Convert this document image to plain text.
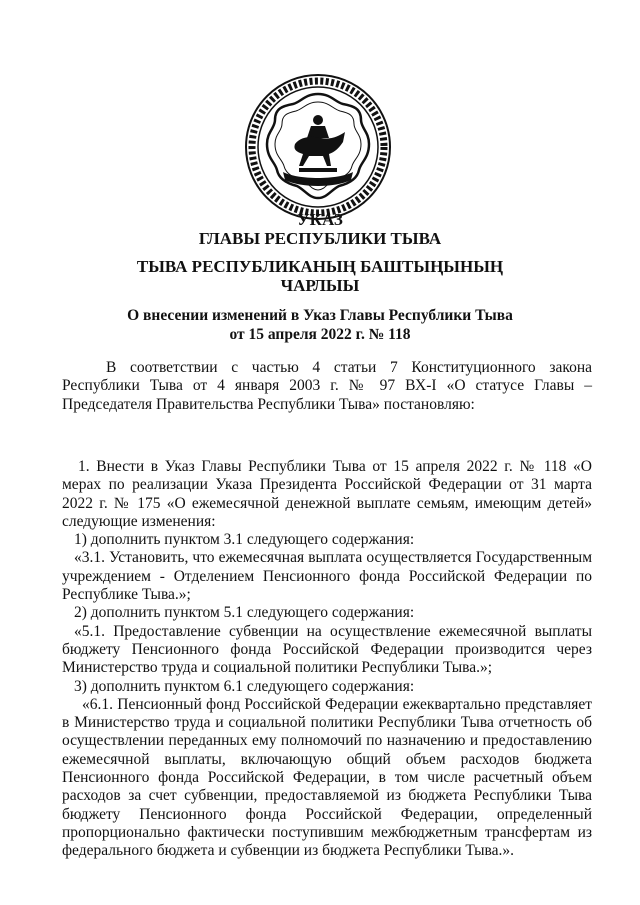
УКАЗ
ГЛАВЫ РЕСПУБЛИКИ ТЫВА
ТЫВА РЕСПУБЛИКАНЫҢ БАШТЫҢЫНЫҢ
ЧАРЛЫЫ
О внесении изменений в Указ Главы Республики Тыва
от 15 апреля 2022 г. № 118

В соответствии с частью 4 статьи 7 Конституционного закона Республики Тыва от 4 января 2003 г. № 97 ВХ-I «О статусе Главы – Председателя Правительства Республики Тыва» постановляю:

1. Внести в Указ Главы Республики Тыва от 15 апреля 2022 г. № 118 «О мерах по реализации Указа Президента Российской Федерации от 31 марта 2022 г. № 175 «О ежемесячной денежной выплате семьям, имеющим детей» следующие изменения:

1) дополнить пунктом 3.1 следующего содержания:

«3.1. Установить, что ежемесячная выплата осуществляется Государственным учреждением - Отделением Пенсионного фонда Российской Федерации по Республике Тыва.»;

2) дополнить пунктом 5.1 следующего содержания:

«5.1. Предоставление субвенции на осуществление ежемесячной выплаты бюджету Пенсионного фонда Российской Федерации производится через Министерство труда и социальной политики Республики Тыва.»;

3) дополнить пунктом 6.1 следующего содержания:

«6.1. Пенсионный фонд Российской Федерации ежеквартально представляет в Министерство труда и социальной политики Республики Тыва отчетность об осуществлении переданных ему полномочий по назначению и предоставлению ежемесячной выплаты, включающую общий объем расходов бюджета Пенсионного фонда Российской Федерации, в том числе расчетный объем расходов за счет субвенции, предоставляемой из бюджета Республики Тыва бюджету Пенсионного фонда Российской Федерации, определенный пропорционально фактически поступившим межбюджетным трансфертам из федерального бюджета и субвенции из бюджета Республики Тыва.».
